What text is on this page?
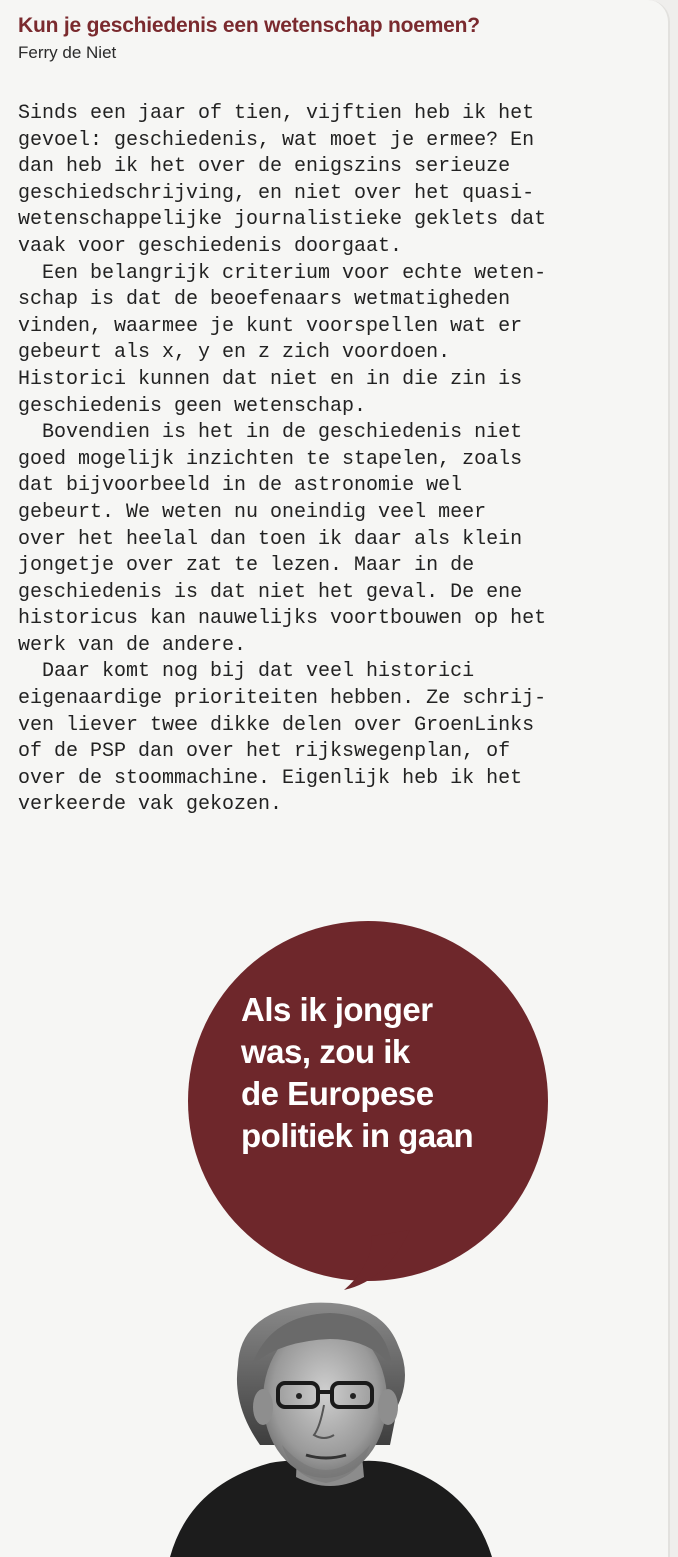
Kun je geschiedenis een wetenschap noemen?
Ferry de Niet
Sinds een jaar of tien, vijftien heb ik het
gevoel: geschiedenis, wat moet je ermee? En
dan heb ik het over de enigszins serieuze
geschiedschrijving, en niet over het quasi-
wetenschappelijke journalistieke geklets dat
vaak voor geschiedenis doorgaat.
Een belangrijk criterium voor echte weten-
schap is dat de beoefenaars wetmatigheden
vinden, waarmee je kunt voorspellen wat er
gebeurt als x, y en z zich voordoen.
Historici kunnen dat niet en in die zin is
geschiedenis geen wetenschap.
Bovendien is het in de geschiedenis niet
goed mogelijk inzichten te stapelen, zoals
dat bijvoorbeeld in de astronomie wel
gebeurt. We weten nu oneindig veel meer
over het heelal dan toen ik daar als klein
jongetje over zat te lezen. Maar in de
geschiedenis is dat niet het geval. De ene
historicus kan nauwelijks voortbouwen op het
werk van de andere.
Daar komt nog bij dat veel historici
eigenaardige prioriteiten hebben. Ze schrij-
ven liever twee dikke delen over GroenLinks
of de PSP dan over het rijkswegenplan, of
over de stoommachine. Eigenlijk heb ik het
verkeerde vak gekozen.
Als ik jonger
was, zou ik
de Europese
politiek in gaan
